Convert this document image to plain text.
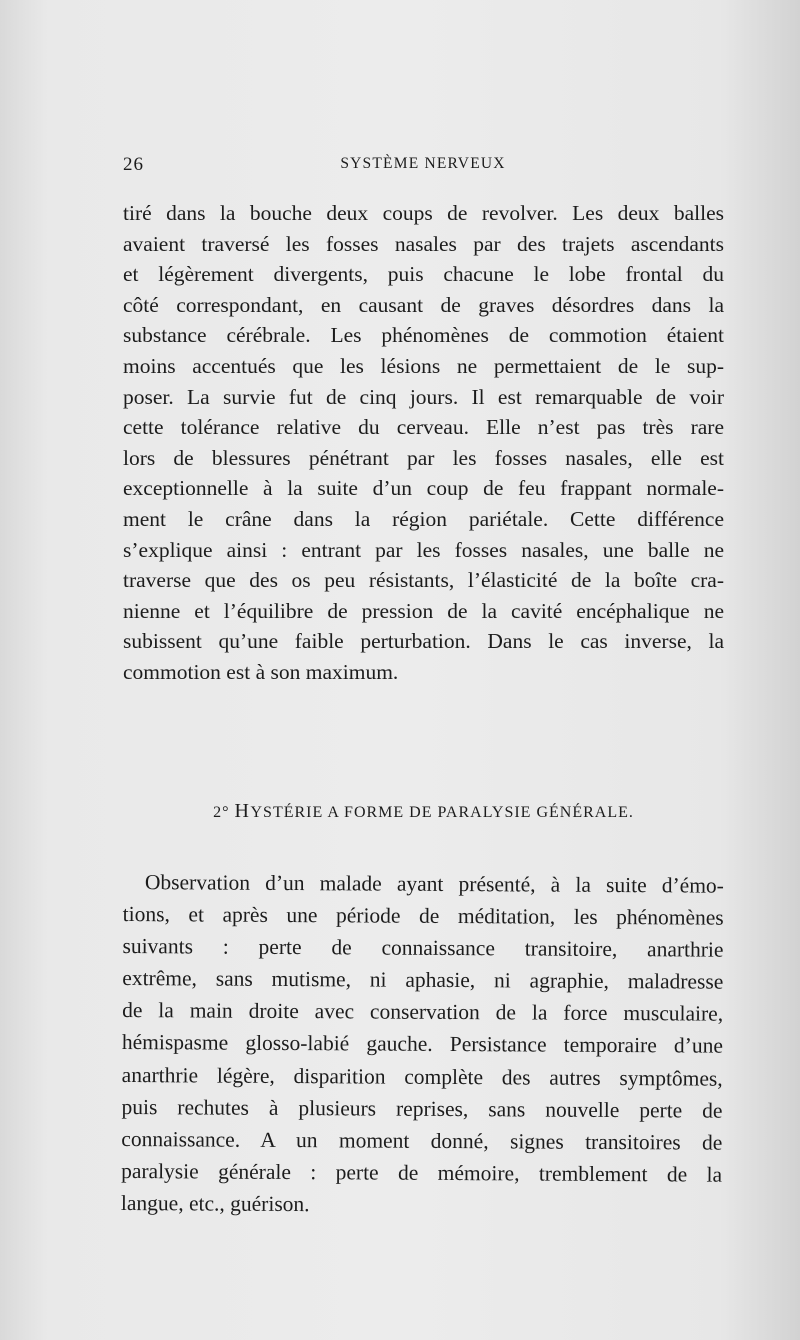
26	SYSTÈME NERVEUX
tiré dans la bouche deux coups de revolver. Les deux balles
avaient traversé les fosses nasales par des trajets ascendants
et légèrement divergents, puis chacune le lobe frontal du
côté correspondant, en causant de graves désordres dans la
substance cérébrale. Les phénomènes de commotion étaient
moins accentués que les lésions ne permettaient de le sup-
poser. La survie fut de cinq jours. Il est remarquable de voir
cette tolérance relative du cerveau. Elle n’est pas très rare
lors de blessures pénétrant par les fosses nasales, elle est
exceptionnelle à la suite d’un coup de feu frappant normale-
ment le crâne dans la région pariétale. Cette différence
s’explique ainsi : entrant par les fosses nasales, une balle ne
traverse que des os peu résistants, l’élasticité de la boîte cra-
nienne et l’équilibre de pression de la cavité encéphalique ne
subissent qu’une faible perturbation. Dans le cas inverse, la
commotion est à son maximum.
2° HYSTÉRIE A FORME DE PARALYSIE GÉNÉRALE.
Observation d’un malade ayant présenté, à la suite d’émo-
tions, et après une période de méditation, les phénomènes
suivants : perte de connaissance transitoire, anarthrie
extrême, sans mutisme, ni aphasie, ni agraphie, maladresse
de la main droite avec conservation de la force musculaire,
hémispasme glosso-labié gauche. Persistance temporaire d’une
anarthrie légère, disparition complète des autres symptômes,
puis rechutes à plusieurs reprises, sans nouvelle perte de
connaissance. A un moment donné, signes transitoires de
paralysie générale : perte de mémoire, tremblement de la
langue, etc., guérison.
